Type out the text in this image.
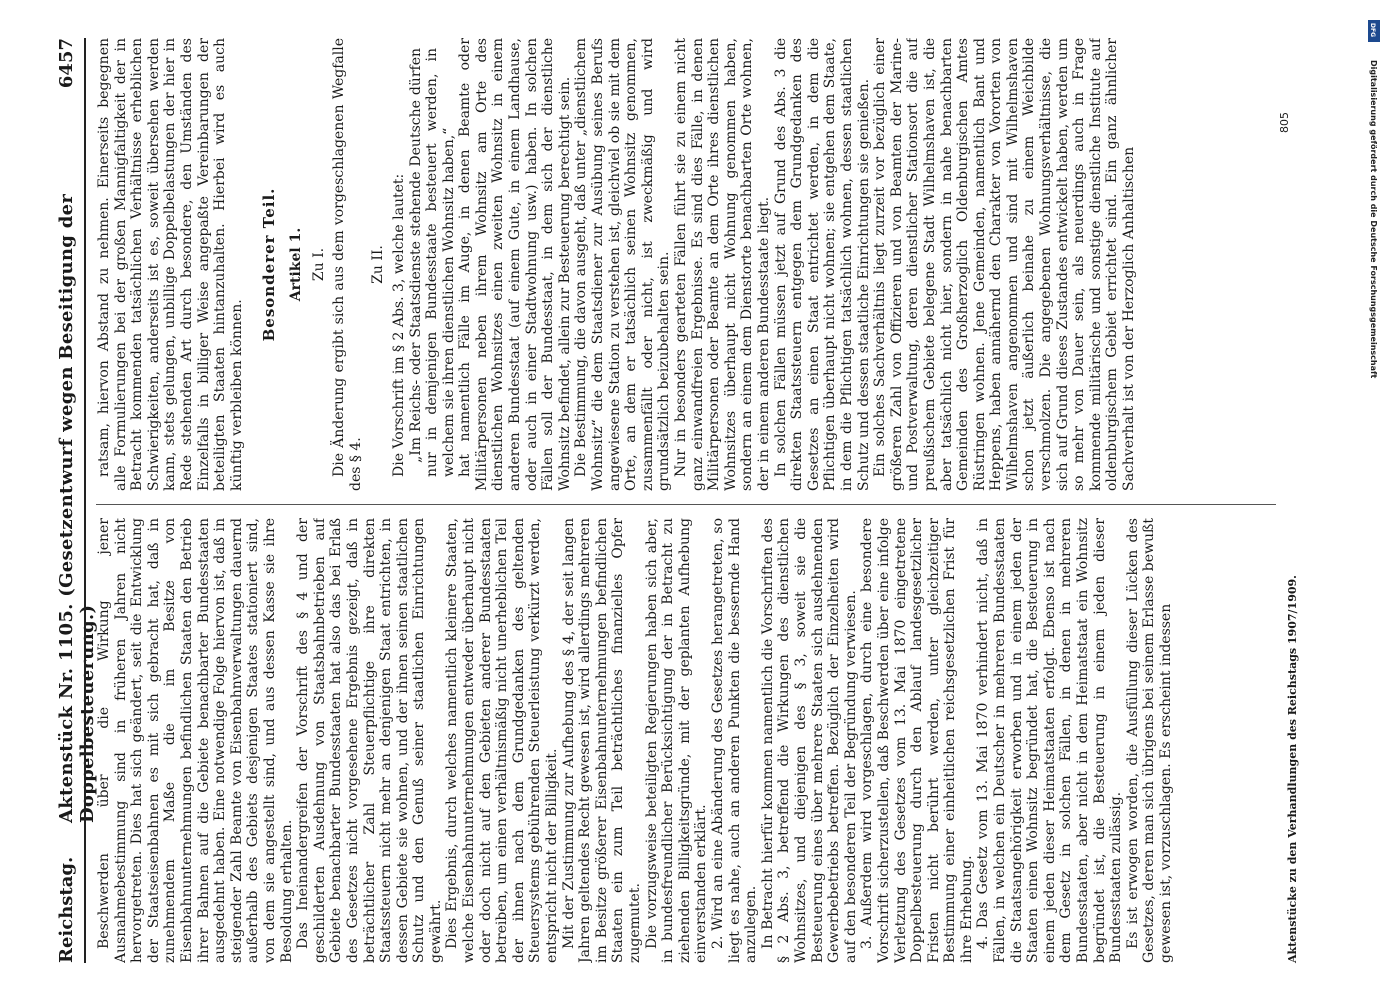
Reichstag.
Aktenstück Nr. 1105. (Gesetzentwurf wegen Beseitigung der Doppelbesteuerung.)
6457

Beschwerden über die Wirkung jener Ausnahmebestimmung sind in früheren Jahren nicht hervorgetreten. Dies hat sich geändert, seit die Entwicklung der Staatseisenbahnen es mit sich gebracht hat, daß in zunehmendem Maße die im Besitze von Eisenbahnunternehmungen befindlichen Staaten den Betrieb ihrer Bahnen auf die Gebiete benachbarter Bundesstaaten ausgedehnt haben. Eine notwendige Folge hiervon ist, daß in steigender Zahl Beamte von Eisenbahnverwaltungen dauernd außerhalb des Gebiets desjenigen Staates stationiert sind, von dem sie angestellt sind, und aus dessen Kasse sie ihre Besoldung erhalten. Das Ineinandergreifen der Vorschrift des § 4 und der geschilderten Ausdehnung von Staatsbahnbetrieben auf Gebiete benachbarter Bundesstaaten hat also das bei Erlaß des Gesetzes nicht vorgesehene Ergebnis gezeigt, daß in beträchtlicher Zahl Steuerpflichtige ihre direkten Staatssteuern nicht mehr an denjenigen Staat entrichten, in dessen Gebiete sie wohnen, und der ihnen seinen staatlichen Schutz und den Genuß seiner staatlichen Einrichtungen gewährt. Dies Ergebnis, durch welches namentlich kleinere Staaten, welche Eisenbahnunternehmungen entweder überhaupt nicht oder doch nicht auf den Gebieten anderer Bundesstaaten betreiben, um einen verhältnismäßig nicht unerheblichen Teil der ihnen nach dem Grundgedanken des geltenden Steuersystems gebührenden Steuerleistung verkürzt werden, entspricht nicht der Billigkeit. Mit der Zustimmung zur Aufhebung des § 4, der seit langen Jahren geltendes Recht gewesen ist, wird allerdings mehreren im Besitze größerer Eisenbahnunternehmungen befindlichen Staaten ein zum Teil beträchtliches finanzielles Opfer zugemutet. Die vorzugsweise beteiligten Regierungen haben sich aber, in bundesfreundlicher Berücksichtigung der in Betracht zu ziehenden Billigkeitsgründe, mit der geplanten Aufhebung einverstanden erklärt. 2. Wird an eine Abänderung des Gesetzes herangetreten, so liegt es nahe, auch an anderen Punkten die bessernde Hand anzulegen. In Betracht hierfür kommen namentlich die Vorschriften des § 2 Abs. 3, betreffend die Wirkungen des dienstlichen Wohnsitzes, und diejenigen des § 3, soweit sie die Besteuerung eines über mehrere Staaten sich ausdehnenden Gewerbebetriebs betreffen. Bezüglich der Einzelheiten wird auf den besonderen Teil der Begründung verwiesen. 3. Außerdem wird vorgeschlagen, durch eine besondere Vorschrift sicherzustellen, daß Beschwerden über eine infolge Verletzung des Gesetzes vom 13. Mai 1870 eingetretene Doppelbesteuerung durch den Ablauf landesgesetzlicher Fristen nicht berührt werden, unter gleichzeitiger Bestimmung einer einheitlichen reichsgesetzlichen Frist für ihre Erhebung. 4. Das Gesetz vom 13. Mai 1870 verhindert nicht, daß in Fällen, in welchen ein Deutscher in mehreren Bundesstaaten die Staatsangehörigkeit erworben und in einem jeden der Staaten einen Wohnsitz begründet hat, die Besteuerung in einem jeden dieser Heimatstaaten erfolgt. Ebenso ist nach dem Gesetz in solchen Fällen, in denen in mehreren Bundesstaaten, aber nicht in dem Heimatstaat ein Wohnsitz begründet ist, die Besteuerung in einem jeden dieser Bundesstaaten zulässig. Es ist erwogen worden, die Ausfüllung dieser Lücken des Gesetzes, deren man sich übrigens bei seinem Erlasse bewußt gewesen ist, vorzuschlagen. Es erscheint indessen

ratsam, hiervon Abstand zu nehmen. Einerseits begegnen alle Formulierungen bei der großen Mannigfaltigkeit der in Betracht kommenden tatsächlichen Verhältnisse erheblichen Schwierigkeiten, anderseits ist es, soweit übersehen werden kann, stets gelungen, unbillige Doppelbelastungen der hier in Rede stehenden Art durch besondere, den Umständen des Einzelfalls in billiger Weise angepaßte Vereinbarungen der beteiligten Staaten hintanzuhalten. Hierbei wird es auch künftig verbleiben können.

Besonderer Teil. Artikel 1. Zu I. Die Änderung ergibt sich aus dem vorgeschlagenen Wegfalle des § 4.

Zu II. Die Vorschrift im § 2 Abs. 3, welche lautet: „Im Reichs- oder Staatsdienste stehende Deutsche dürfen nur in demjenigen Bundesstaate besteuert werden, in welchem sie ihren dienstlichen Wohnsitz haben,“ hat namentlich Fälle im Auge, in denen Beamte oder Militärpersonen neben ihrem Wohnsitz am Orte des dienstlichen Wohnsitzes einen zweiten Wohnsitz in einem anderen Bundesstaat (auf einem Gute, in einem Landhause, oder auch in einer Stadtwohnung usw.) haben. In solchen Fällen soll der Bundesstaat, in dem sich der dienstliche Wohnsitz befindet, allein zur Besteuerung berechtigt sein. Die Bestimmung, die davon ausgeht, daß unter „dienstlichem Wohnsitz“ die dem Staatsdiener zur Ausübung seines Berufs angewiesene Station zu verstehen ist, gleichviel ob sie mit dem Orte, an dem er tatsächlich seinen Wohnsitz genommen, zusammenfällt oder nicht, ist zweckmäßig und wird grundsätzlich beizubehalten sein. Nur in besonders gearteten Fällen führt sie zu einem nicht ganz einwandfreien Ergebnisse. Es sind dies Fälle, in denen Militärpersonen oder Beamte an dem Orte ihres dienstlichen Wohnsitzes überhaupt nicht Wohnung genommen haben, sondern an einem dem Dienstorte benachbarten Orte wohnen, der in einem anderen Bundesstaate liegt. In solchen Fällen müssen jetzt auf Grund des Abs. 3 die direkten Staatssteuern entgegen dem Grundgedanken des Gesetzes an einen Staat entrichtet werden, in dem die Pflichtigen überhaupt nicht wohnen; sie entgehen dem Staate, in dem die Pflichtigen tatsächlich wohnen, dessen staatlichen Schutz und dessen staatliche Einrichtungen sie genießen. Ein solches Sachverhältnis liegt zurzeit vor bezüglich einer größeren Zahl von Offizieren und von Beamten der Marine- und Postverwaltung, deren dienstlicher Stationsort die auf preußischem Gebiete belegene Stadt Wilhelmshaven ist, die aber tatsächlich nicht hier, sondern in nahe benachbarten Gemeinden des Großherzoglich Oldenburgischen Amtes Rüstringen wohnen. Jene Gemeinden, namentlich Bant und Heppens, haben annähernd den Charakter von Vororten von Wilhelmshaven angenommen und sind mit Wilhelmshaven schon jetzt äußerlich beinahe zu einem Weichbilde verschmolzen. Die angegebenen Wohnungsverhältnisse, die sich auf Grund dieses Zustandes entwickelt haben, werden um so mehr von Dauer sein, als neuerdings auch in Frage kommende militärische und sonstige dienstliche Institute auf oldenburgischem Gebiet errichtet sind. Ein ganz ähnlicher Sachverhalt ist von der Herzoglich Anhaltischen

Aktenstücke zu den Verhandlungen des Reichstags 1907/1909.
805
DFG
Digitalisierung gefördert durch die Deutsche Forschungsgemeinschaft
